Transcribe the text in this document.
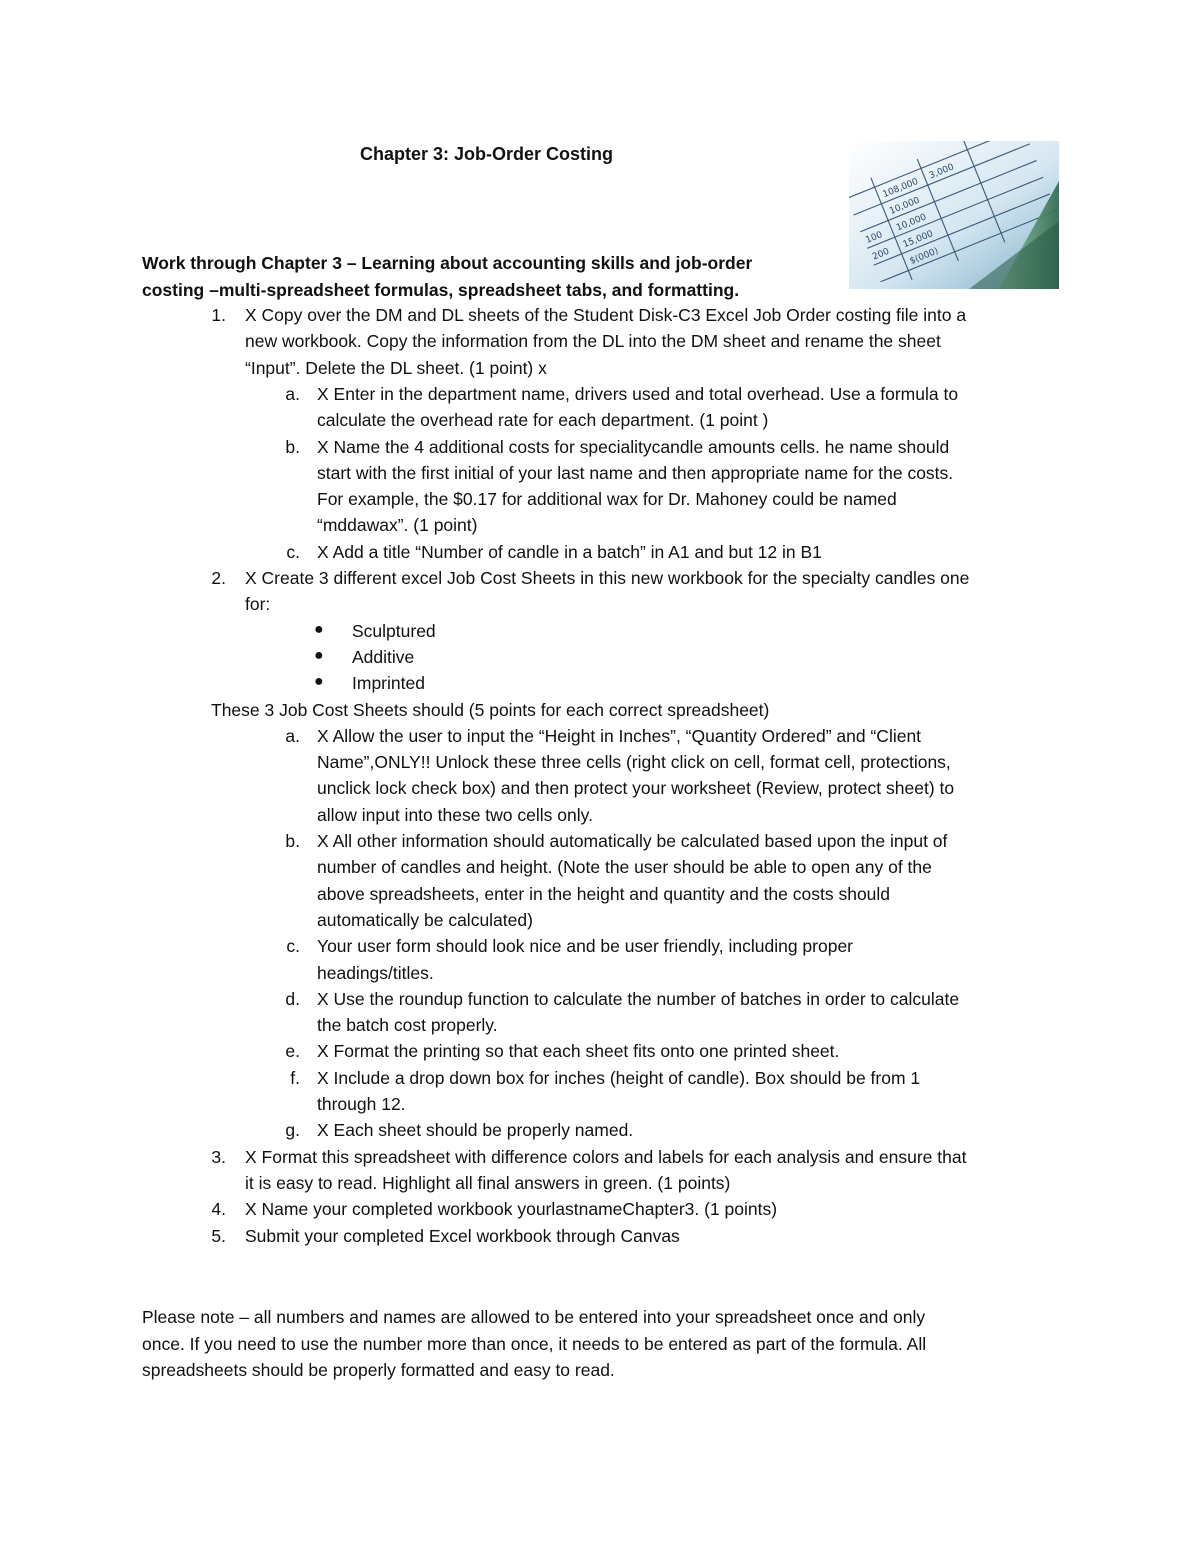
Chapter 3: Job-Order Costing
Work through Chapter 3 – Learning about accounting skills and job-order
costing –multi-spreadsheet formulas, spreadsheet tabs, and formatting.
108,000
10,000
10,000
15,000
$(000)
3,000
100
200
1. X Copy over the DM and DL sheets of the Student Disk-C3 Excel Job Order costing file into a
new workbook. Copy the information from the DL into the DM sheet and rename the sheet
“Input”. Delete the DL sheet. (1 point) x
a. X Enter in the department name, drivers used and total overhead. Use a formula to
calculate the overhead rate for each department. (1 point )
b. X Name the 4 additional costs for specialitycandle amounts cells. he name should
start with the first initial of your last name and then appropriate name for the costs.
For example, the $0.17 for additional wax for Dr. Mahoney could be named
“mddawax”. (1 point)
c. X Add a title “Number of candle in a batch” in A1 and but 12 in B1
2. X Create 3 different excel Job Cost Sheets in this new workbook for the specialty candles one
for:
● Sculptured
● Additive
● Imprinted
These 3 Job Cost Sheets should (5 points for each correct spreadsheet)
a. X Allow the user to input the “Height in Inches”, “Quantity Ordered” and “Client
Name”,ONLY!! Unlock these three cells (right click on cell, format cell, protections,
unclick lock check box) and then protect your worksheet (Review, protect sheet) to
allow input into these two cells only.
b. X All other information should automatically be calculated based upon the input of
number of candles and height. (Note the user should be able to open any of the
above spreadsheets, enter in the height and quantity and the costs should
automatically be calculated)
c. Your user form should look nice and be user friendly, including proper
headings/titles.
d. X Use the roundup function to calculate the number of batches in order to calculate
the batch cost properly.
e. X Format the printing so that each sheet fits onto one printed sheet.
f. X Include a drop down box for inches (height of candle). Box should be from 1
through 12.
g. X Each sheet should be properly named.
3. X Format this spreadsheet with difference colors and labels for each analysis and ensure that
it is easy to read. Highlight all final answers in green. (1 points)
4. X Name your completed workbook yourlastnameChapter3. (1 points)
5. Submit your completed Excel workbook through Canvas
Please note – all numbers and names are allowed to be entered into your spreadsheet once and only
once. If you need to use the number more than once, it needs to be entered as part of the formula. All
spreadsheets should be properly formatted and easy to read.
